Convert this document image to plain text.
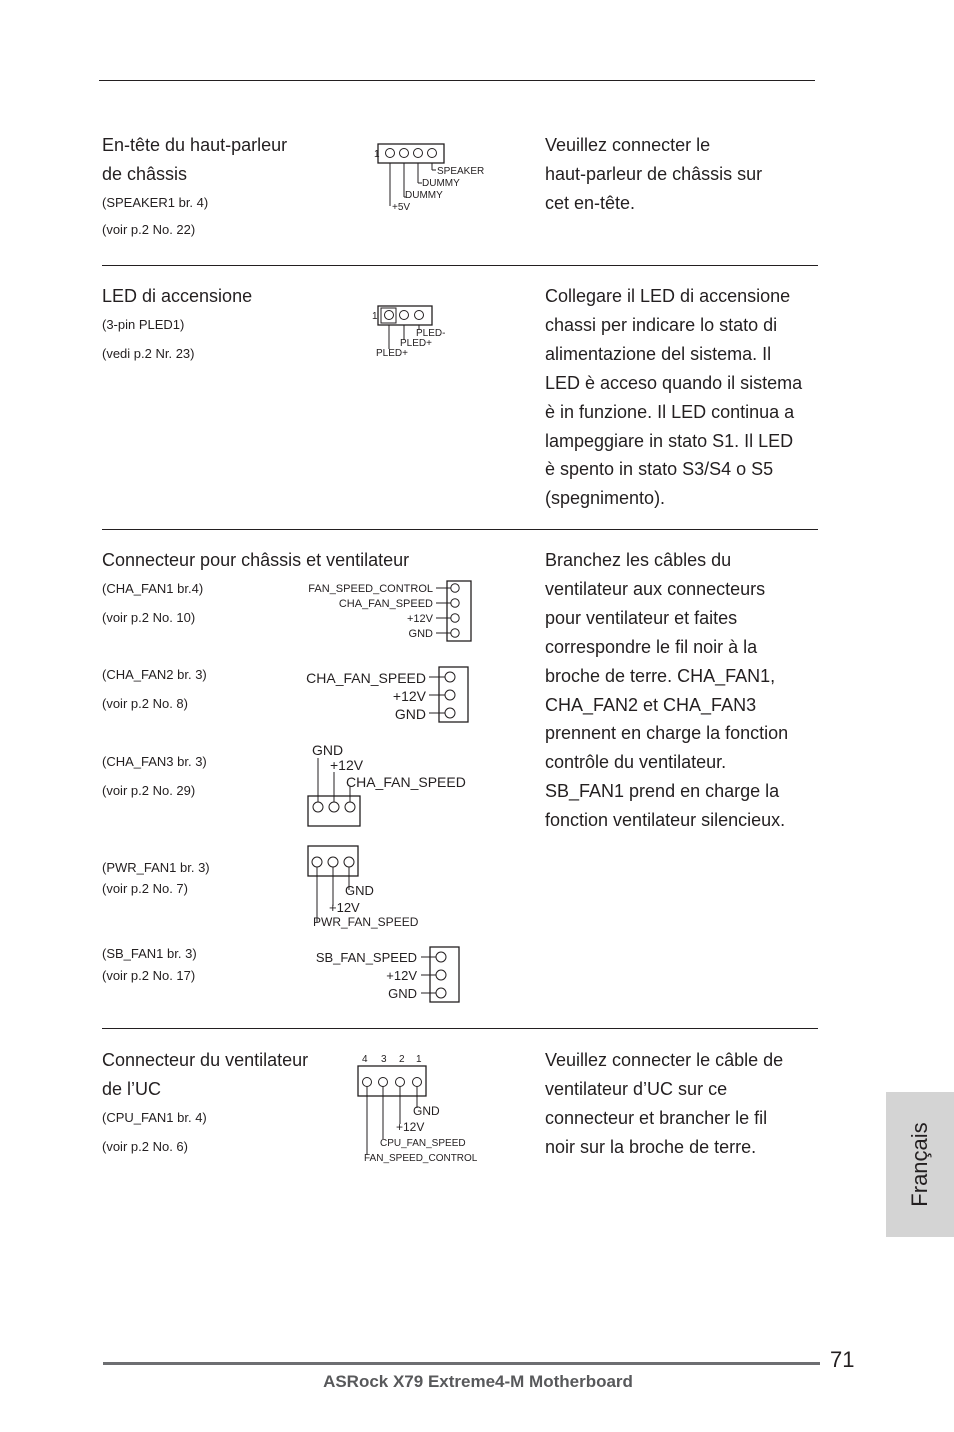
En-tête du haut-parleur
de châssis
(SPEAKER1 br. 4)
(voir p.2 No. 22)
1
SPEAKER
DUMMY
DUMMY
+5V
Veuillez connecter le
haut-parleur de châssis sur
cet en-tête.
LED di accensione
(3-pin PLED1)
(vedi p.2 Nr. 23)
1
PLED-
PLED+
PLED+
Collegare il LED di accensione
chassi per indicare lo stato di
alimentazione del sistema. Il
LED è acceso quando il sistema
è in funzione. Il LED continua a
lampeggiare in stato S1. Il LED
è spento in stato S3/S4 o S5
(spegnimento).
Connecteur pour châssis et ventilateur
(CHA_FAN1 br.4)
(voir p.2 No. 10)
FAN_SPEED_CONTROL
CHA_FAN_SPEED
+12V
GND
(CHA_FAN2 br. 3)
(voir p.2 No. 8)
CHA_FAN_SPEED
+12V
GND
(CHA_FAN3 br. 3)
(voir p.2 No. 29)
GND
+12V
CHA_FAN_SPEED
(PWR_FAN1 br. 3)
(voir p.2 No. 7)	GND
+12V
PWR_FAN_SPEED
(SB_FAN1 br. 3)
(voir p.2 No. 17)
SB_FAN_SPEED
+12V
GND
Branchez les câbles du
ventilateur aux connecteurs
pour ventilateur et faites
correspondre le fil noir à la
broche de terre. CHA_FAN1,
CHA_FAN2 et CHA_FAN3
prennent en charge la fonction
contrôle du ventilateur.
SB_FAN1 prend en charge la
fonction ventilateur silencieux.
Connecteur du ventilateur
de l’UC
(CPU_FAN1 br. 4)
(voir p.2 No. 6)
4 3 2 1
GND
+12V
CPU_FAN_SPEED
FAN_SPEED_CONTROL
Veuillez connecter le câble de
ventilateur d’UC sur ce
connecteur et brancher le fil
noir sur la broche de terre.	Français
71
ASRock X79 Extreme4-M Motherboard
